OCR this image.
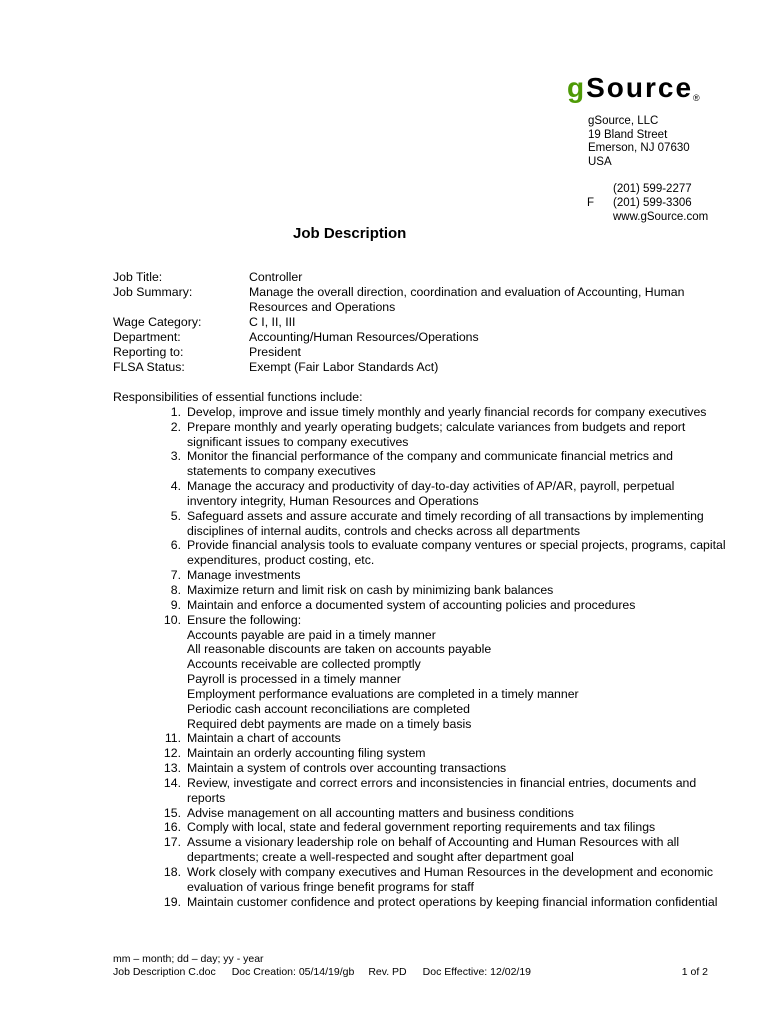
gSource®
gSource, LLC
19 Bland Street
Emerson, NJ 07630
USA
(201) 599-2277
F	(201) 599-3306
www.gSource.com
Job Description
Job Title:	Controller
Job Summary:	Manage the overall direction, coordination and evaluation of Accounting, Human Resources and Operations
Wage Category:	C I, II, III
Department:	Accounting/Human Resources/Operations
Reporting to:	President
FLSA Status:	Exempt (Fair Labor Standards Act)
Responsibilities of essential functions include:
1. Develop, improve and issue timely monthly and yearly financial records for company executives
2. Prepare monthly and yearly operating budgets; calculate variances from budgets and report significant issues to company executives
3. Monitor the financial performance of the company and communicate financial metrics and statements to company executives
4. Manage the accuracy and productivity of day-to-day activities of AP/AR, payroll, perpetual inventory integrity, Human Resources and Operations
5. Safeguard assets and assure accurate and timely recording of all transactions by implementing disciplines of internal audits, controls and checks across all departments
6. Provide financial analysis tools to evaluate company ventures or special projects, programs, capital expenditures, product costing, etc.
7. Manage investments
8. Maximize return and limit risk on cash by minimizing bank balances
9. Maintain and enforce a documented system of accounting policies and procedures
10. Ensure the following:
Accounts payable are paid in a timely manner
All reasonable discounts are taken on accounts payable
Accounts receivable are collected promptly
Payroll is processed in a timely manner
Employment performance evaluations are completed in a timely manner
Periodic cash account reconciliations are completed
Required debt payments are made on a timely basis
11. Maintain a chart of accounts
12. Maintain an orderly accounting filing system
13. Maintain a system of controls over accounting transactions
14. Review, investigate and correct errors and inconsistencies in financial entries, documents and reports
15. Advise management on all accounting matters and business conditions
16. Comply with local, state and federal government reporting requirements and tax filings
17. Assume a visionary leadership role on behalf of Accounting and Human Resources with all departments; create a well-respected and sought after department goal
18. Work closely with company executives and Human Resources in the development and economic evaluation of various fringe benefit programs for staff
19. Maintain customer confidence and protect operations by keeping financial information confidential
mm – month; dd – day; yy - year
Job Description C.doc Doc Creation: 05/14/19/gb Rev. PD Doc Effective: 12/02/19	1 of 2
